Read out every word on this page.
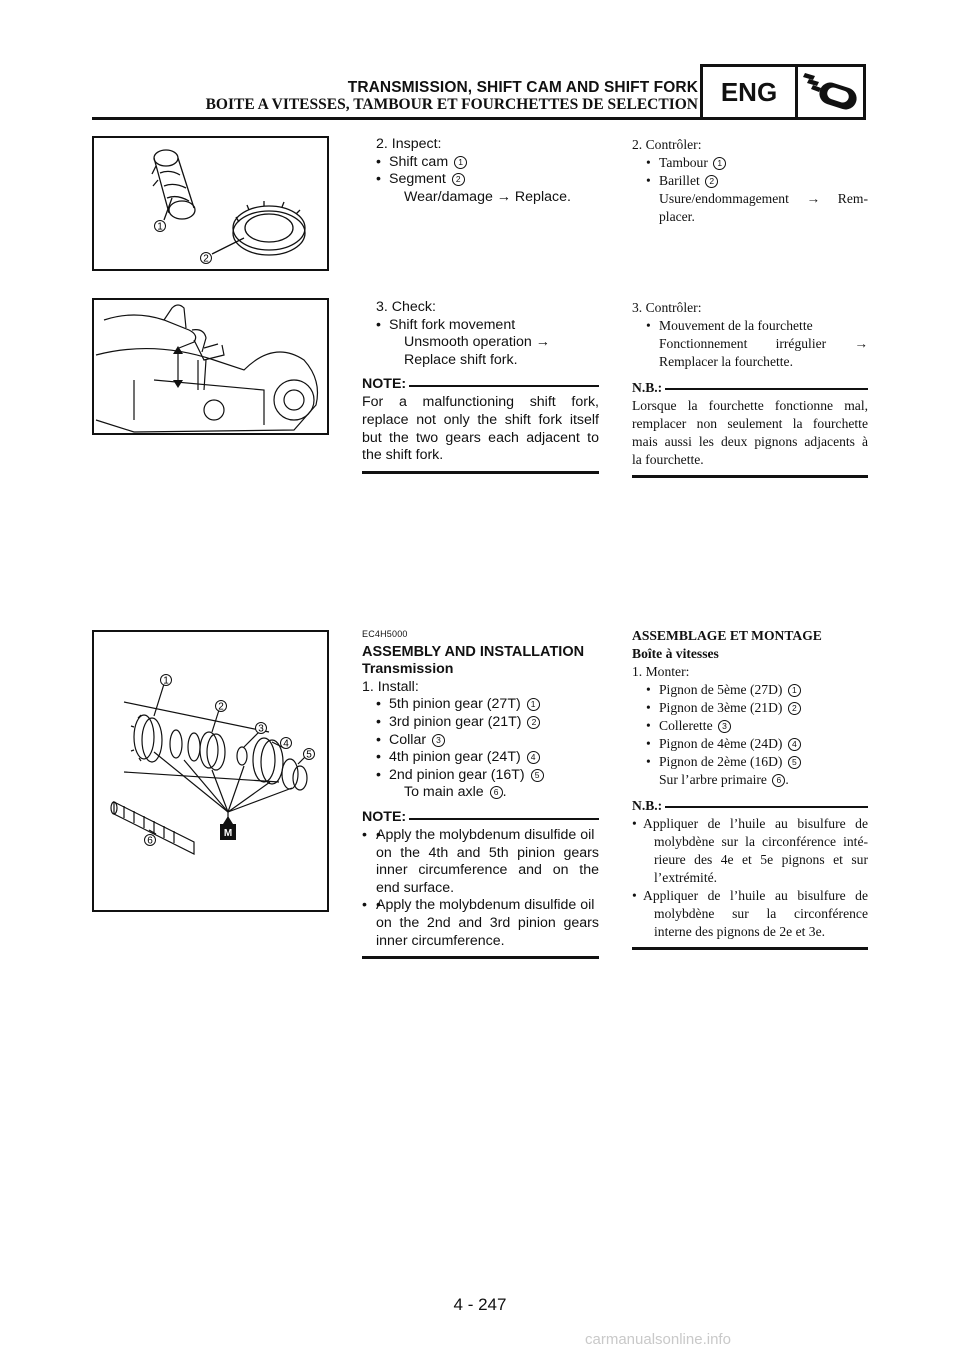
TRANSMISSION, SHIFT CAM AND SHIFT FORK
BOITE A VITESSES, TAMBOUR ET FOURCHETTES DE SELECTION ENG
1
2
2. Inspect:
• Shift cam 1
• Segment 2
Wear/damage → Replace.
2. Contrôler:
• Tambour 1
• Barillet 2
Usure/endommagement → Rem-
placer.
3. Check:
• Shift fork movement
Unsmooth operation →
Replace shift fork.
NOTE:
For a malfunctioning shift fork,
replace not only the shift fork itself
but the two gears each adjacent to
the shift fork.
3. Contrôler:
• Mouvement de la fourchette
Fonctionnement irrégulier →
Remplacer la fourchette.
N.B.:
Lorsque la fourchette fonctionne mal,
remplacer non seulement la fourchette
mais aussi les deux pignons adjacents à
la fourchette.
M
1
2
3
4
5
6
EC4H5000
ASSEMBLY AND INSTALLATION
Transmission
1. Install:
• 5th pinion gear (27T) 1
• 3rd pinion gear (21T) 2
• Collar 3
• 4th pinion gear (24T) 4
• 2nd pinion gear (16T) 5
To main axle 6 .
NOTE:
• • Apply the molybdenum disulfide oil
on the 4th and 5th pinion gears
inner circumference and on the
end surface.
• • Apply the molybdenum disulfide oil
on the 2nd and 3rd pinion gears
inner circumference.
ASSEMBLAGE ET MONTAGE
Boîte à vitesses
1. Monter:
• Pignon de 5ème (27D) 1
• Pignon de 3ème (21D) 2
• Collerette 3
• Pignon de 4ème (24D) 4
• Pignon de 2ème (16D) 5
Sur l’arbre primaire 6 .
N.B.:
• Appliquer de l’huile au bisulfure de
molybdène sur la circonférence inté-
rieure des 4e et 5e pignons et sur
l’extrémité.
• Appliquer de l’huile au bisulfure de
molybdène sur la circonférence
interne des pignons de 2e et 3e.
4 - 247
carmanualsonline.info
